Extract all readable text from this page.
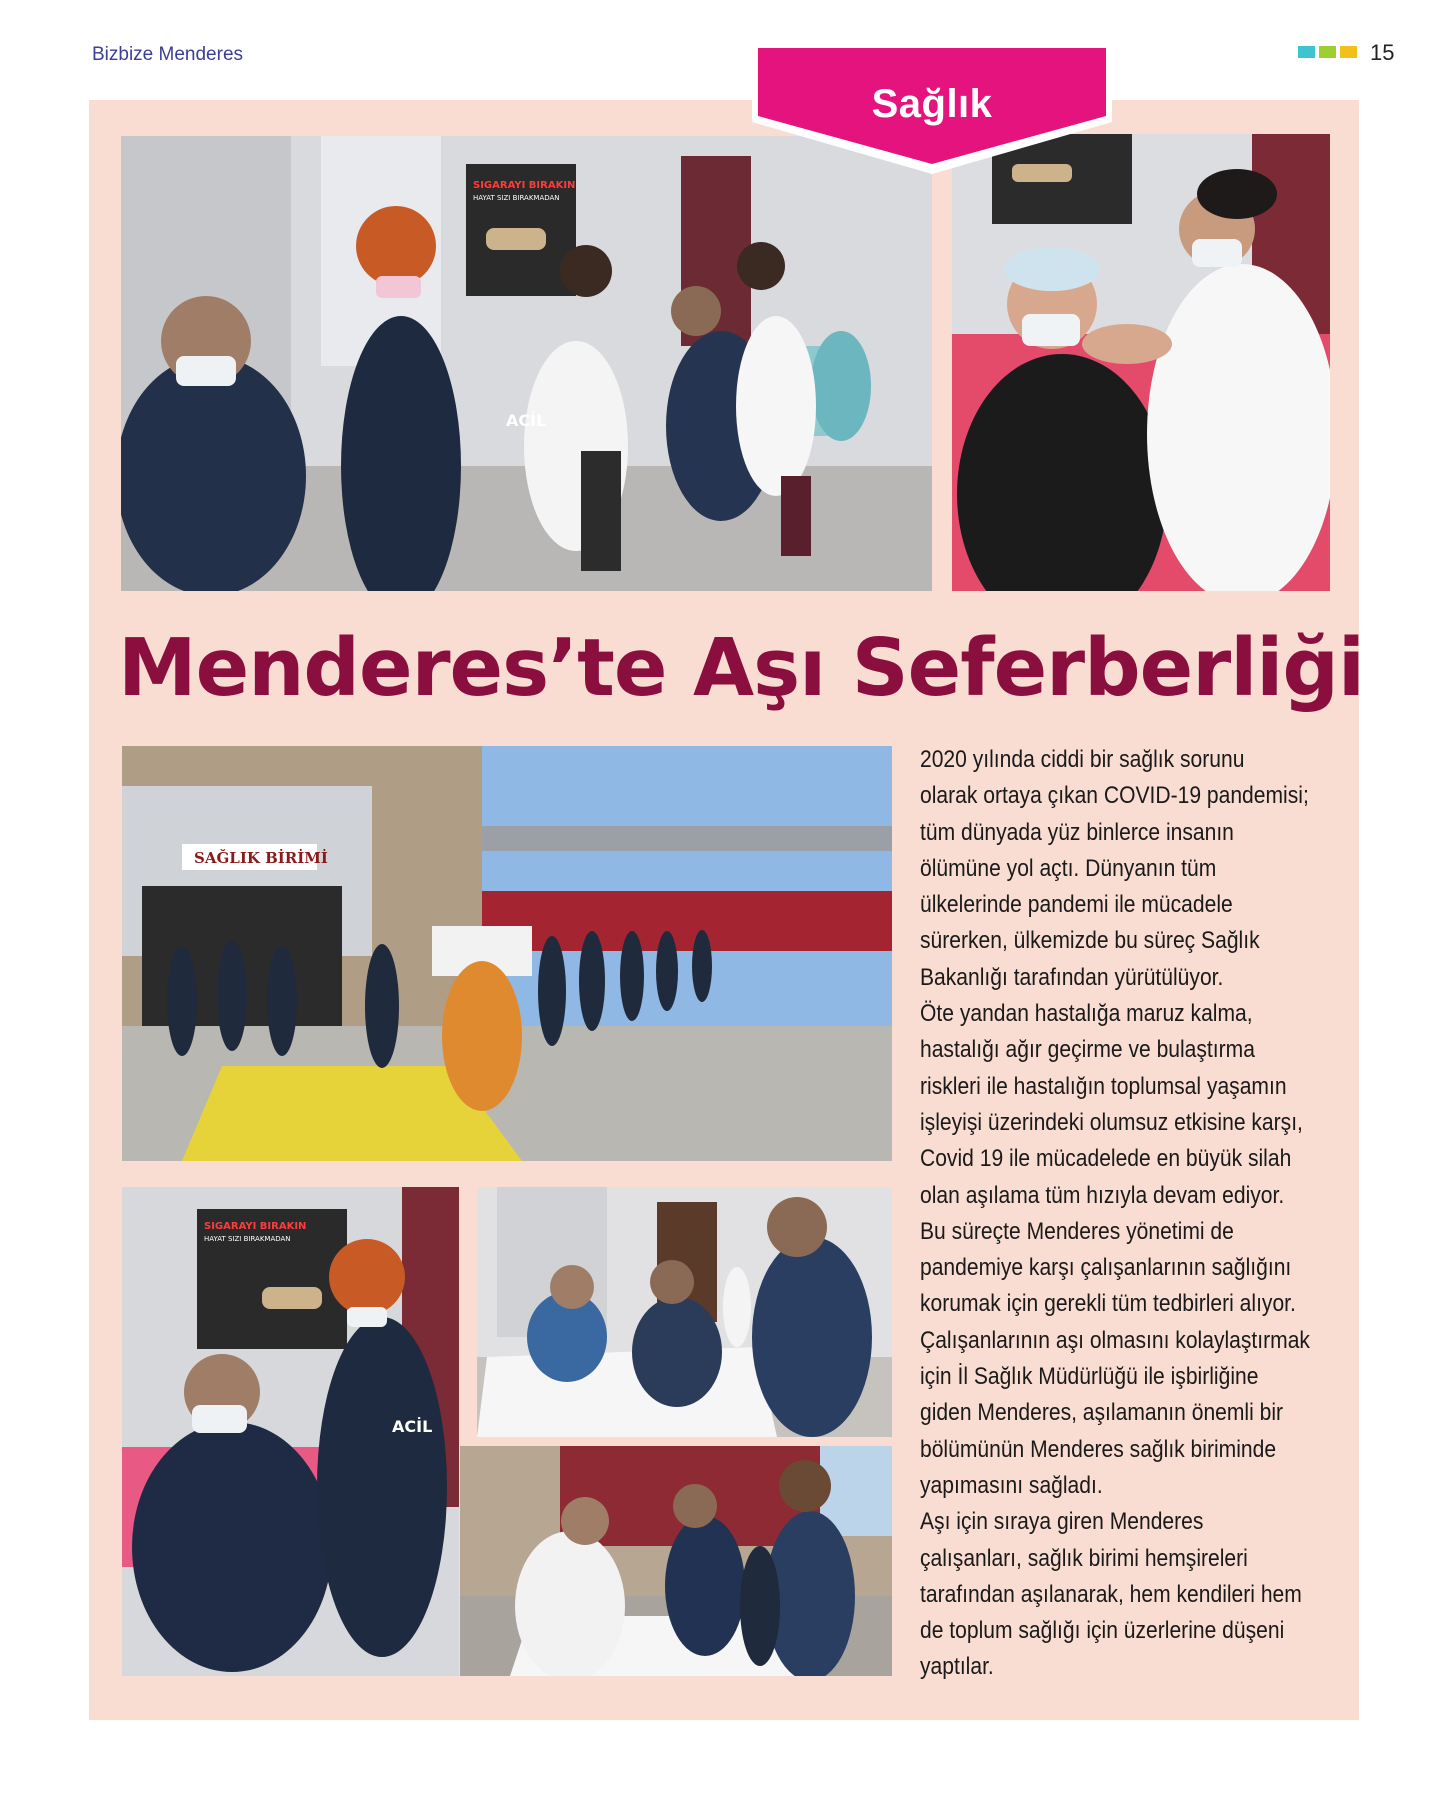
Bizbize Menderes	15
SIGARAYI BIRAKIN
HAYAT SIZI BIRAKMADAN
ACİL
Sağlık
Menderes’te Aşı Seferberliği
SAĞLIK BİRİMİ
SIGARAYI BIRAKIN
HAYAT SIZI BIRAKMADAN
ACİL

2020 yılında ciddi bir sağlık sorunu

olarak ortaya çıkan COVID-19 pandemisi;

tüm dünyada yüz binlerce insanın

ölümüne yol açtı. Dünyanın tüm

ülkelerinde pandemi ile mücadele

sürerken, ülkemizde bu süreç Sağlık

Bakanlığı tarafından yürütülüyor.

Öte yandan hastalığa maruz kalma,

hastalığı ağır geçirme ve bulaştırma

riskleri ile hastalığın toplumsal yaşamın

işleyişi üzerindeki olumsuz etkisine karşı,

Covid 19 ile mücadelede en büyük silah

olan aşılama tüm hızıyla devam ediyor.

Bu süreçte Menderes yönetimi de

pandemiye karşı çalışanlarının sağlığını

korumak için gerekli tüm tedbirleri alıyor.

Çalışanlarının aşı olmasını kolaylaştırmak

için İl Sağlık Müdürlüğü ile işbirliğine

giden Menderes, aşılamanın önemli bir

bölümünün Menderes sağlık biriminde

yapımasını sağladı.

Aşı için sıraya giren Menderes

çalışanları, sağlık birimi hemşireleri

tarafından aşılanarak, hem kendileri hem

de toplum sağlığı için üzerlerine düşeni

yaptılar.
